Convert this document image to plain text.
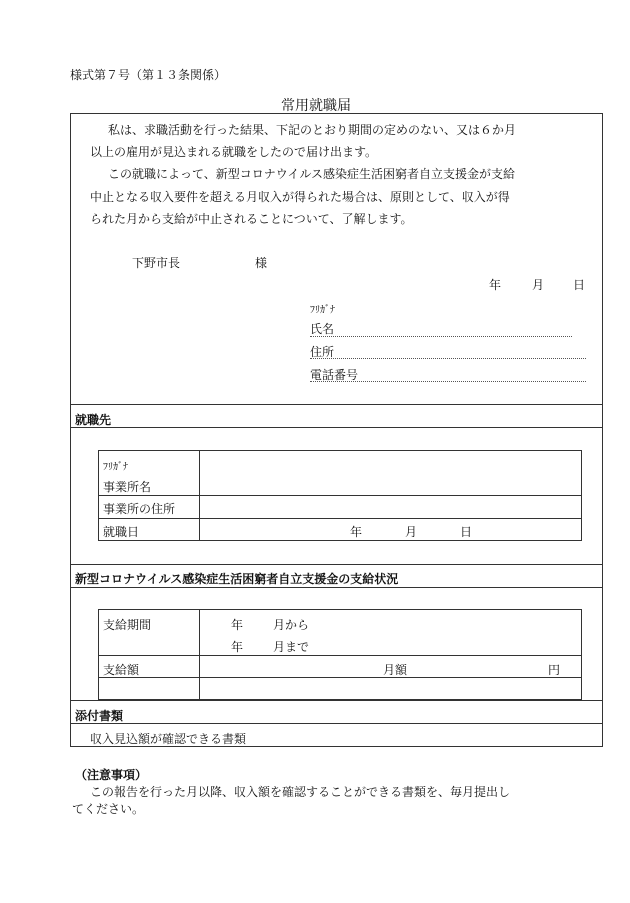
様式第７号（第１３条関係）
常用就職届
私は、求職活動を行った結果、下記のとおり期間の定めのない、又は６か月
以上の雇用が見込まれる就職をしたので届け出ます。
この就職によって、新型コロナウイルス感染症生活困窮者自立支援金が支給
中止となる収入要件を超える月収入が得られた場合は、原則として、収入が得
られた月から支給が中止されることについて、了解します。
下野市長	様
年	月 日
ﾌﾘｶﾞﾅ
氏名
住所
電話番号
就職先
ﾌﾘｶﾞﾅ
事業所名
事業所の住所
就職日	年	月	日
新型コロナウイルス感染症生活困窮者自立支援金の支給状況
支給期間	年 月から
年 月まで
支給額	月額	円
添付書類
収入見込額が確認できる書類
（注意事項）
この報告を行った月以降、収入額を確認することができる書類を、毎月提出し
てください。
